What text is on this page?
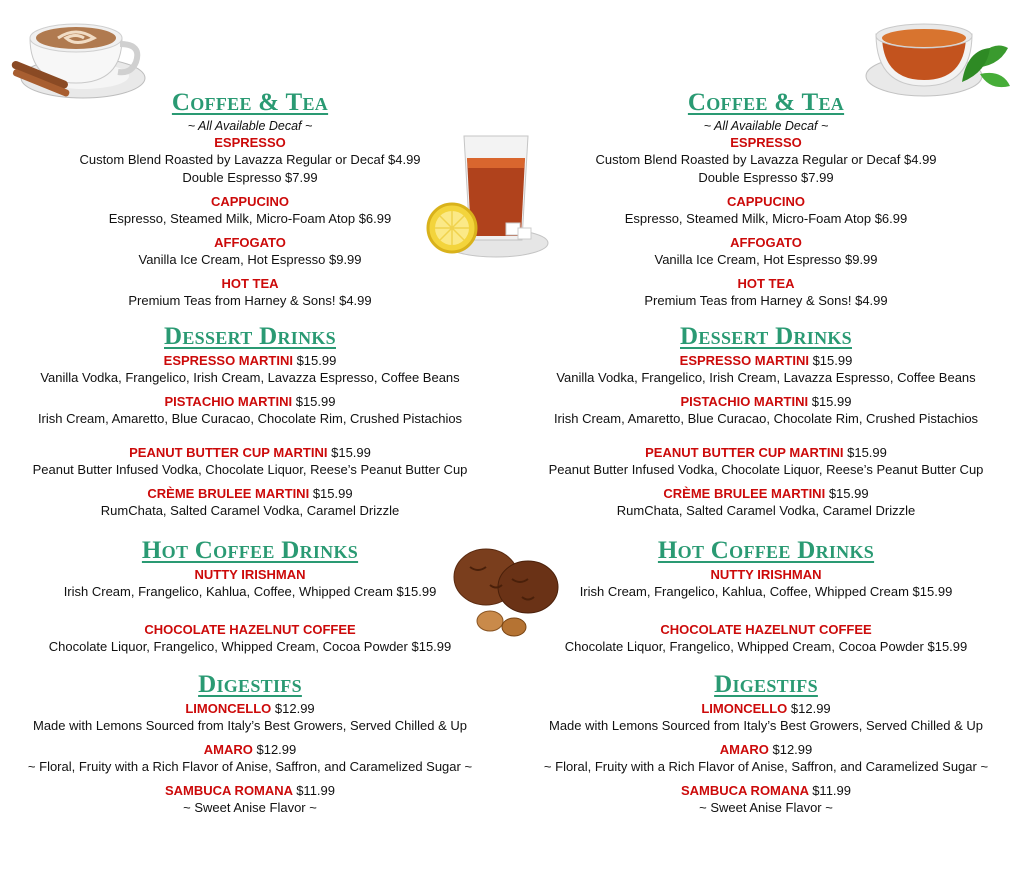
Coffee & Tea
~ All Available Decaf ~
ESPRESSO
Custom Blend Roasted by Lavazza Regular or Decaf $4.99
Double Espresso $7.99
CAPPUCINO
Espresso, Steamed Milk, Micro-Foam Atop $6.99
AFFOGATO
Vanilla Ice Cream, Hot Espresso $9.99
HOT TEA
Premium Teas from Harney & Sons! $4.99
Dessert Drinks
ESPRESSO MARTINI $15.99
Vanilla Vodka, Frangelico, Irish Cream, Lavazza Espresso, Coffee Beans
PISTACHIO MARTINI $15.99
Irish Cream, Amaretto, Blue Curacao, Chocolate Rim, Crushed Pistachios
PEANUT BUTTER CUP MARTINI $15.99
Peanut Butter Infused Vodka, Chocolate Liquor, Reese’s Peanut Butter Cup
CRÈME BRULEE MARTINI $15.99
RumChata, Salted Caramel Vodka, Caramel Drizzle
Hot Coffee Drinks
NUTTY IRISHMAN
Irish Cream, Frangelico, Kahlua, Coffee, Whipped Cream $15.99
CHOCOLATE HAZELNUT COFFEE
Chocolate Liquor, Frangelico, Whipped Cream, Cocoa Powder $15.99
Digestifs
LIMONCELLO $12.99
Made with Lemons Sourced from Italy’s Best Growers, Served Chilled & Up
AMARO $12.99
~ Floral, Fruity with a Rich Flavor of Anise, Saffron, and Caramelized Sugar ~
SAMBUCA ROMANA $11.99
~ Sweet Anise Flavor ~
Coffee & Tea
~ All Available Decaf ~
ESPRESSO
Custom Blend Roasted by Lavazza Regular or Decaf $4.99
Double Espresso $7.99
CAPPUCINO
Espresso, Steamed Milk, Micro-Foam Atop $6.99
AFFOGATO
Vanilla Ice Cream, Hot Espresso $9.99
HOT TEA
Premium Teas from Harney & Sons! $4.99
Dessert Drinks
ESPRESSO MARTINI $15.99
Vanilla Vodka, Frangelico, Irish Cream, Lavazza Espresso, Coffee Beans
PISTACHIO MARTINI $15.99
Irish Cream, Amaretto, Blue Curacao, Chocolate Rim, Crushed Pistachios
PEANUT BUTTER CUP MARTINI $15.99
Peanut Butter Infused Vodka, Chocolate Liquor, Reese’s Peanut Butter Cup
CRÈME BRULEE MARTINI $15.99
RumChata, Salted Caramel Vodka, Caramel Drizzle
Hot Coffee Drinks
NUTTY IRISHMAN
Irish Cream, Frangelico, Kahlua, Coffee, Whipped Cream $15.99
CHOCOLATE HAZELNUT COFFEE
Chocolate Liquor, Frangelico, Whipped Cream, Cocoa Powder $15.99
Digestifs
LIMONCELLO $12.99
Made with Lemons Sourced from Italy’s Best Growers, Served Chilled & Up
AMARO $12.99
~ Floral, Fruity with a Rich Flavor of Anise, Saffron, and Caramelized Sugar ~
SAMBUCA ROMANA $11.99
~ Sweet Anise Flavor ~
